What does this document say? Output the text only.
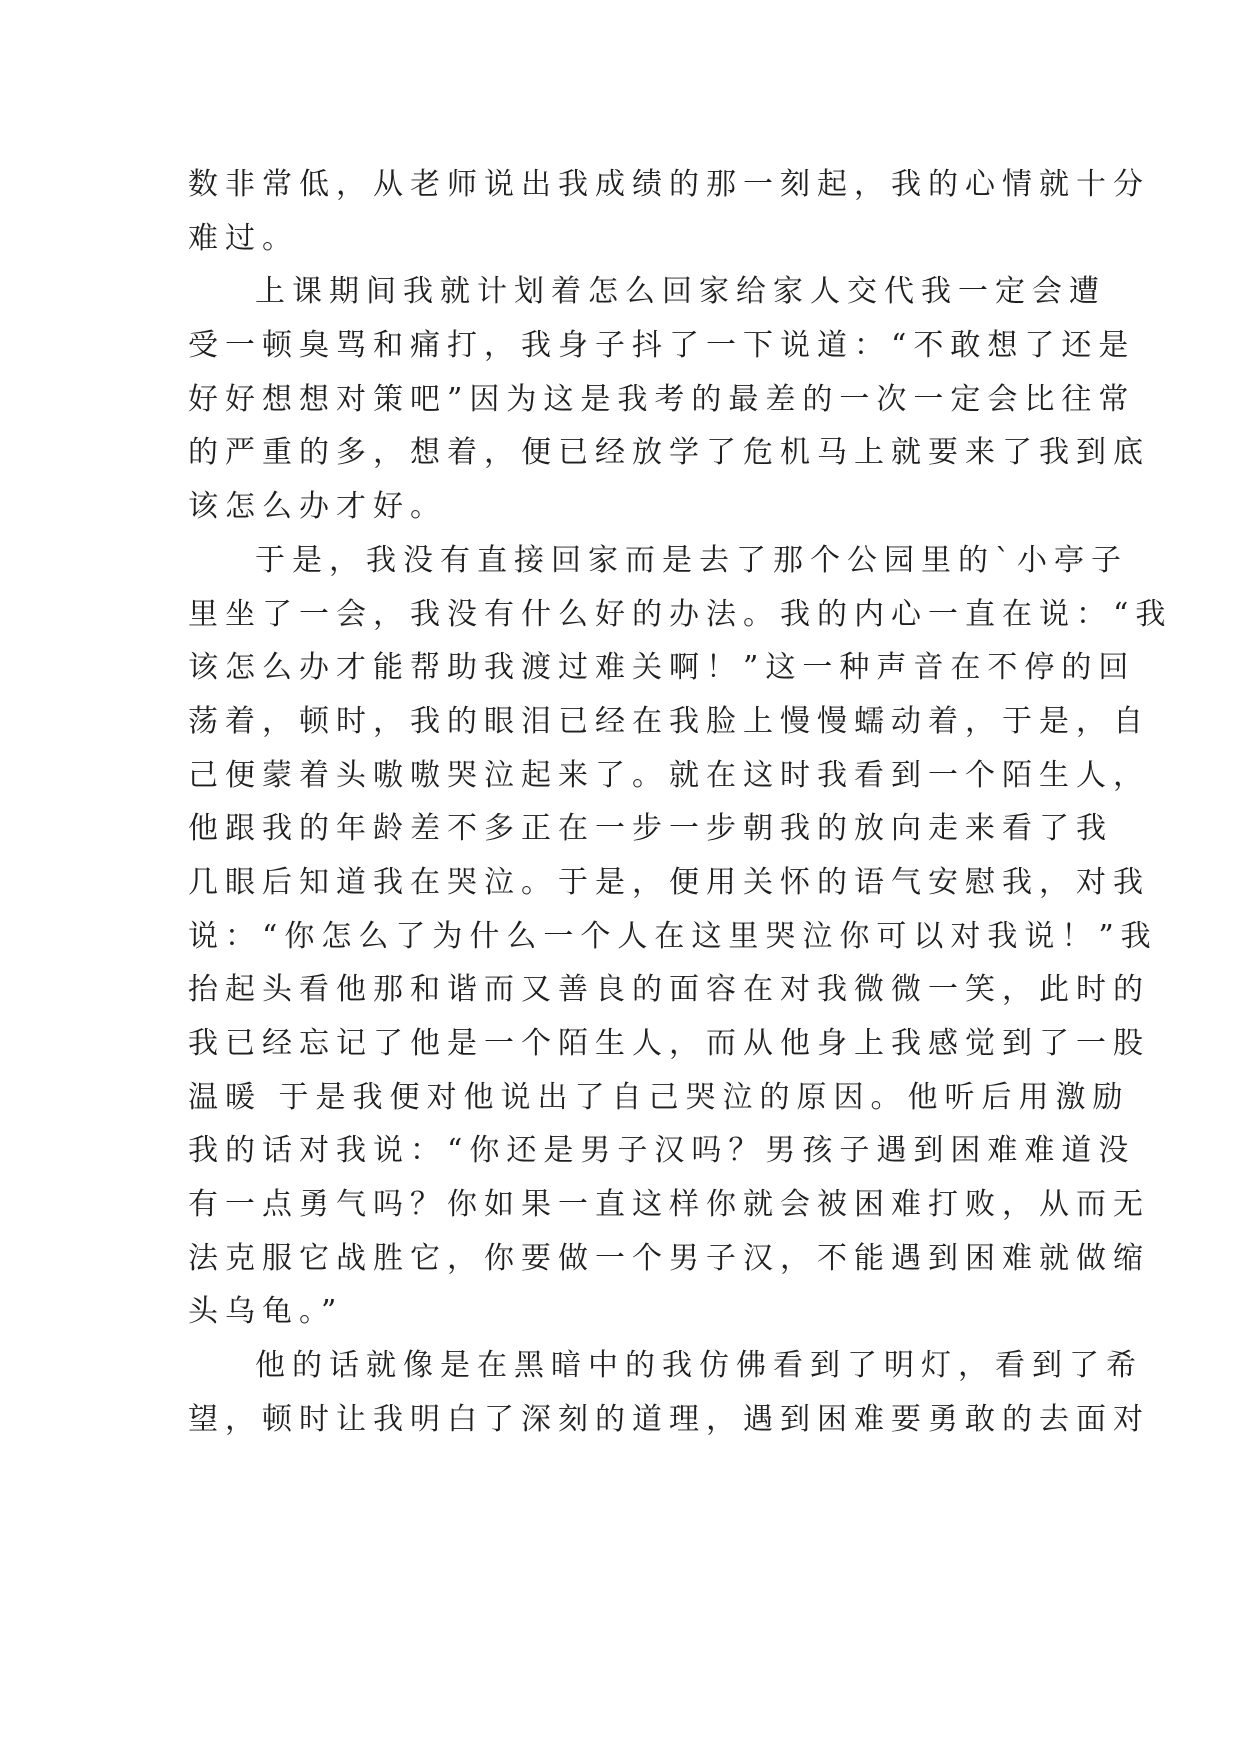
数非常低，从老师说出我成绩的那一刻起，我的心情就十分
难过。
上课期间我就计划着怎么回家给家人交代我一定会遭
受一顿臭骂和痛打，我身子抖了一下说道：“不敢想了还是
好好想想对策吧”因为这是我考的最差的一次一定会比往常
的严重的多，想着，便已经放学了危机马上就要来了我到底
该怎么办才好。
于是，我没有直接回家而是去了那个公园里的`小亭子
里坐了一会，我没有什么好的办法。我的内心一直在说：“我
该怎么办才能帮助我渡过难关啊！”这一种声音在不停的回
荡着，顿时，我的眼泪已经在我脸上慢慢蠕动着，于是，自
己便蒙着头嗷嗷哭泣起来了。就在这时我看到一个陌生人，
他跟我的年龄差不多正在一步一步朝我的放向走来看了我
几眼后知道我在哭泣。于是，便用关怀的语气安慰我，对我
说：“你怎么了为什么一个人在这里哭泣你可以对我说！”我
抬起头看他那和谐而又善良的面容在对我微微一笑，此时的
我已经忘记了他是一个陌生人，而从他身上我感觉到了一股
温暖 于是我便对他说出了自己哭泣的原因。他听后用激励
我的话对我说：“你还是男子汉吗？男孩子遇到困难难道没
有一点勇气吗？你如果一直这样你就会被困难打败，从而无
法克服它战胜它，你要做一个男子汉，不能遇到困难就做缩
头乌龟。”
他的话就像是在黑暗中的我仿佛看到了明灯，看到了希
望，顿时让我明白了深刻的道理，遇到困难要勇敢的去面对
